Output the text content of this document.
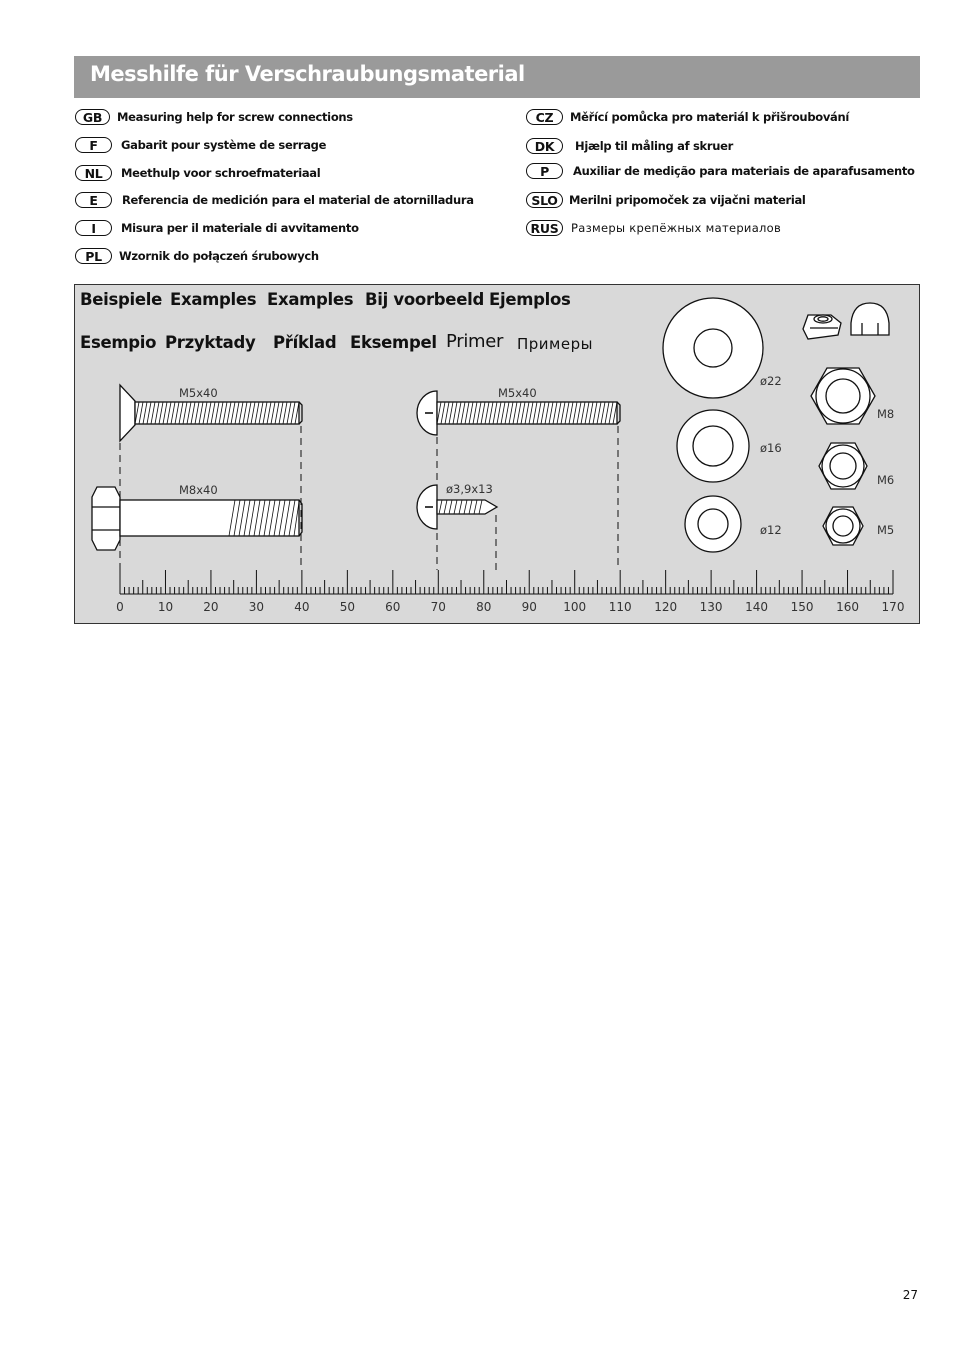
Messhilfe für Verschraubungsmaterial
GB	Measuring help for screw connections
F	Gabarit pour système de serrage
NL	Meethulp voor schroefmateriaal
E	Referencia de medición para el material de atornilladura
I	Misura per il materiale di avvitamento
PL	Wzornik do połączeń śrubowych
CZ	Měřící pomůcka pro materiál k přišroubování
DK	Hjælp til måling af skruer
P	Auxiliar de medição para materiais de aparafusamento
SLO Merilni pripomoček za vijačni material
RUS	Размеры крепёжных материалов
Beispiele Examples Examples Bij voorbeeld Ejemplos
Esempio Przyktady Příklad Eksempel Primer Примеры
M5x40	M5x40
M8x40	ø3,9x13
ø22
ø16
ø12
M8
M6
M5
0	10	20	30	40	50	60	70	80	90 100 110 120 130 140 150 160 170
27
